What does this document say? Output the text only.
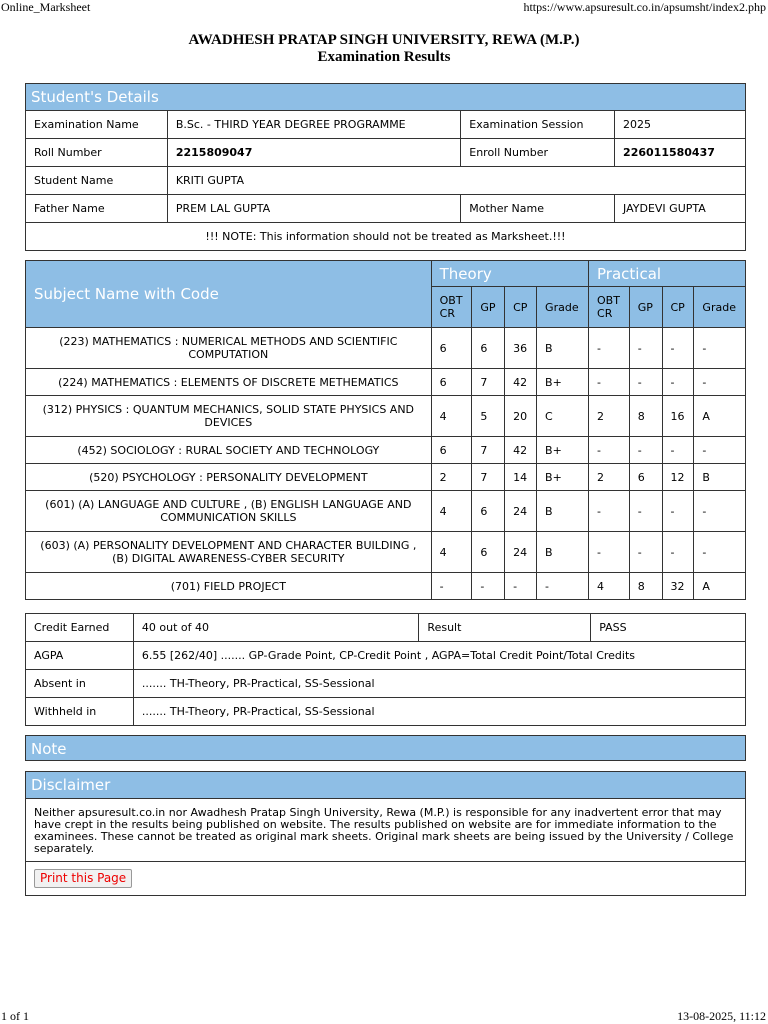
Online_Marksheet	https://www.apsuresult.co.in/apsumsht/index2.php
AWADHESH PRATAP SINGH UNIVERSITY, REWA (M.P.)
Examination Results
Student's Details			
Examination Name	B.Sc. - THIRD YEAR DEGREE PROGRAMME	Examination Session	2025
Roll Number	2215809047	Enroll Number	226011580437
Student Name	KRITI GUPTA		
Father Name	PREM LAL GUPTA	Mother Name	JAYDEVI GUPTA
!!! NOTE: This information should not be treated as Marksheet.!!!			
Subject Name with Code	Theory				Practical			
	OBT CR	GP	CP	Grade	OBT CR	GP	CP	Grade
(223) MATHEMATICS : NUMERICAL METHODS AND SCIENTIFIC COMPUTATION	6	6	36	B	-	-	-	-
(224) MATHEMATICS : ELEMENTS OF DISCRETE METHEMATICS	6	7	42	B+	-	-	-	-
(312) PHYSICS : QUANTUM MECHANICS, SOLID STATE PHYSICS AND DEVICES	4	5	20	C	2	8	16	A
(452) SOCIOLOGY : RURAL SOCIETY AND TECHNOLOGY	6	7	42	B+	-	-	-	-
(520) PSYCHOLOGY : PERSONALITY DEVELOPMENT	2	7	14	B+	2	6	12	B
(601) (A) LANGUAGE AND CULTURE , (B) ENGLISH LANGUAGE AND COMMUNICATION SKILLS	4	6	24	B	-	-	-	-
(603) (A) PERSONALITY DEVELOPMENT AND CHARACTER BUILDING , (B) DIGITAL AWARENESS-CYBER SECURITY	4	6	24	B	-	-	-	-
(701) FIELD PROJECT	-	-	-	-	4	8	32	A
Credit Earned	40 out of 40	Result	PASS
AGPA	6.55 [262/40] ....... GP-Grade Point, CP-Credit Point , AGPA=Total Credit Point/Total Credits		
Absent in	....... TH-Theory, PR-Practical, SS-Sessional		
Withheld in	....... TH-Theory, PR-Practical, SS-Sessional		
Note
Disclaimer
Neither apsuresult.co.in nor Awadhesh Pratap Singh University, Rewa (M.P.) is responsible for any inadvertent error that may have crept in the results being published on website. The results published on website are for immediate information to the examinees. These cannot be treated as original mark sheets. Original mark sheets are being issued by the University / College separately.
Print this Page
1 of 1	13-08-2025, 11:12
